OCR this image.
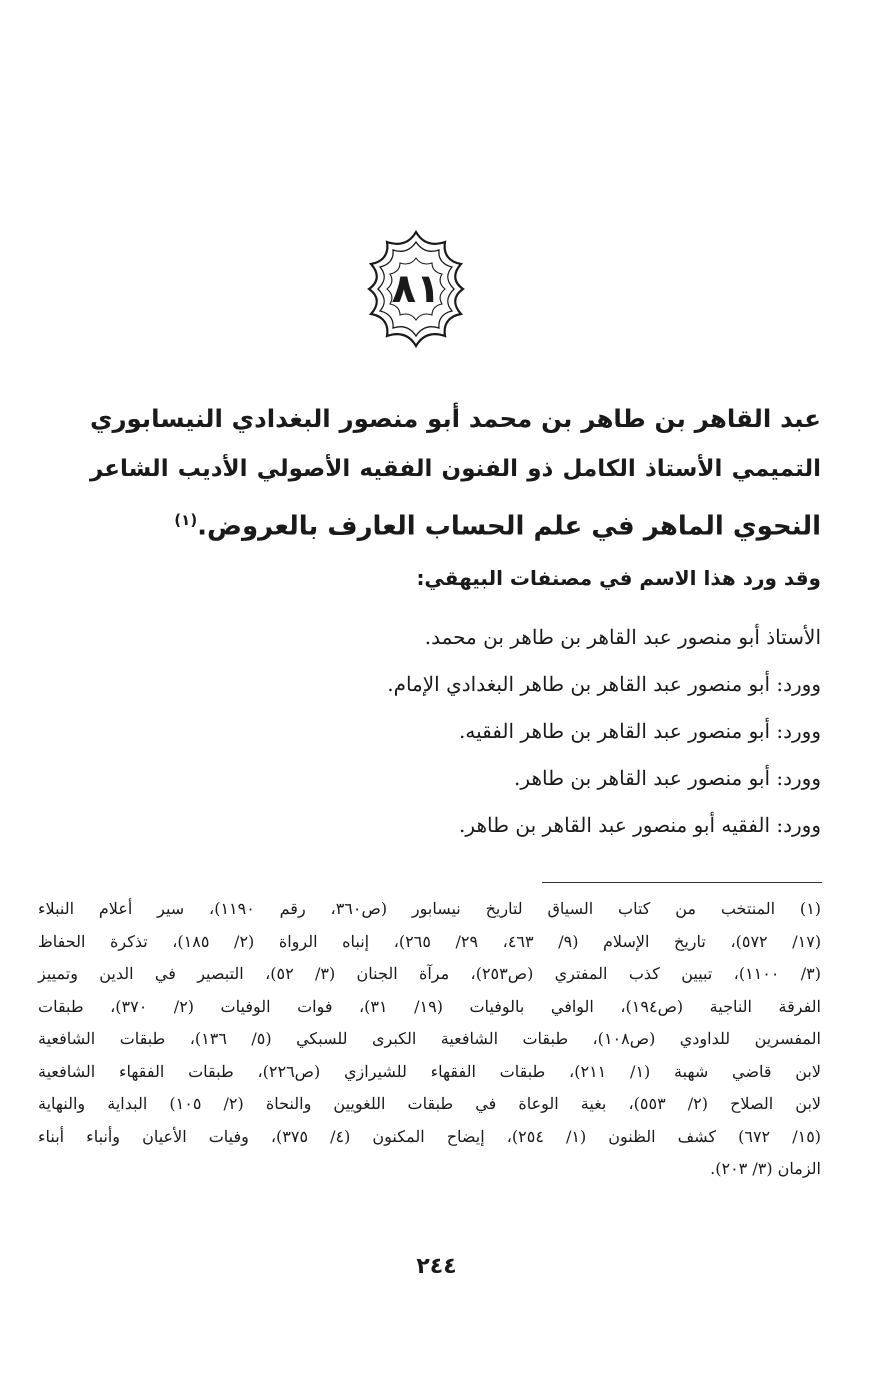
٨١
عبد القاهر بن طاهر بن محمد أبو منصور البغدادي النيسابوري
التميمي الأستاذ الكامل ذو الفنون الفقيه الأصولي الأديب الشاعر
النحوي الماهر في علم الحساب العارف بالعروض.$^{(١)}$
وقد ورد هذا الاسم في مصنفات البيهقي:
الأستاذ أبو منصور عبد القاهر بن طاهر بن محمد.
وورد: أبو منصور عبد القاهر بن طاهر البغدادي الإمام.
وورد: أبو منصور عبد القاهر بن طاهر الفقيه.
وورد: أبو منصور عبد القاهر بن طاهر.
وورد: الفقيه أبو منصور عبد القاهر بن طاهر.
(١) المنتخب من كتاب السياق لتاريخ نيسابور (ص٣٦٠، رقم ١١٩٠)، سير أعلام النبلاء
(١٧/ ٥٧٢)، تاريخ الإسلام (٩/ ٤٦٣، ٢٩/ ٢٦٥)، إنباه الرواة (٢/ ١٨٥)، تذكرة الحفاظ
(٣/ ١١٠٠)، تبيين كذب المفتري (ص٢٥٣)، مرآة الجنان (٣/ ٥٢)، التبصير في الدين وتمييز
الفرقة الناجية (ص١٩٤)، الوافي بالوفيات (١٩/ ٣١)، فوات الوفيات (٢/ ٣٧٠)، طبقات
المفسرين للداودي (ص١٠٨)، طبقات الشافعية الكبرى للسبكي (٥/ ١٣٦)، طبقات الشافعية
لابن قاضي شهبة (١/ ٢١١)، طبقات الفقهاء للشيرازي (ص٢٢٦)، طبقات الفقهاء الشافعية
لابن الصلاح (٢/ ٥٥٣)، بغية الوعاة في طبقات اللغويين والنحاة (٢/ ١٠٥) البداية والنهاية
(١٥/ ٦٧٢) كشف الظنون (١/ ٢٥٤)، إيضاح المكنون (٤/ ٣٧٥)، وفيات الأعيان وأنباء أبناء
الزمان (٣/ ٢٠٣).
٢٤٤
